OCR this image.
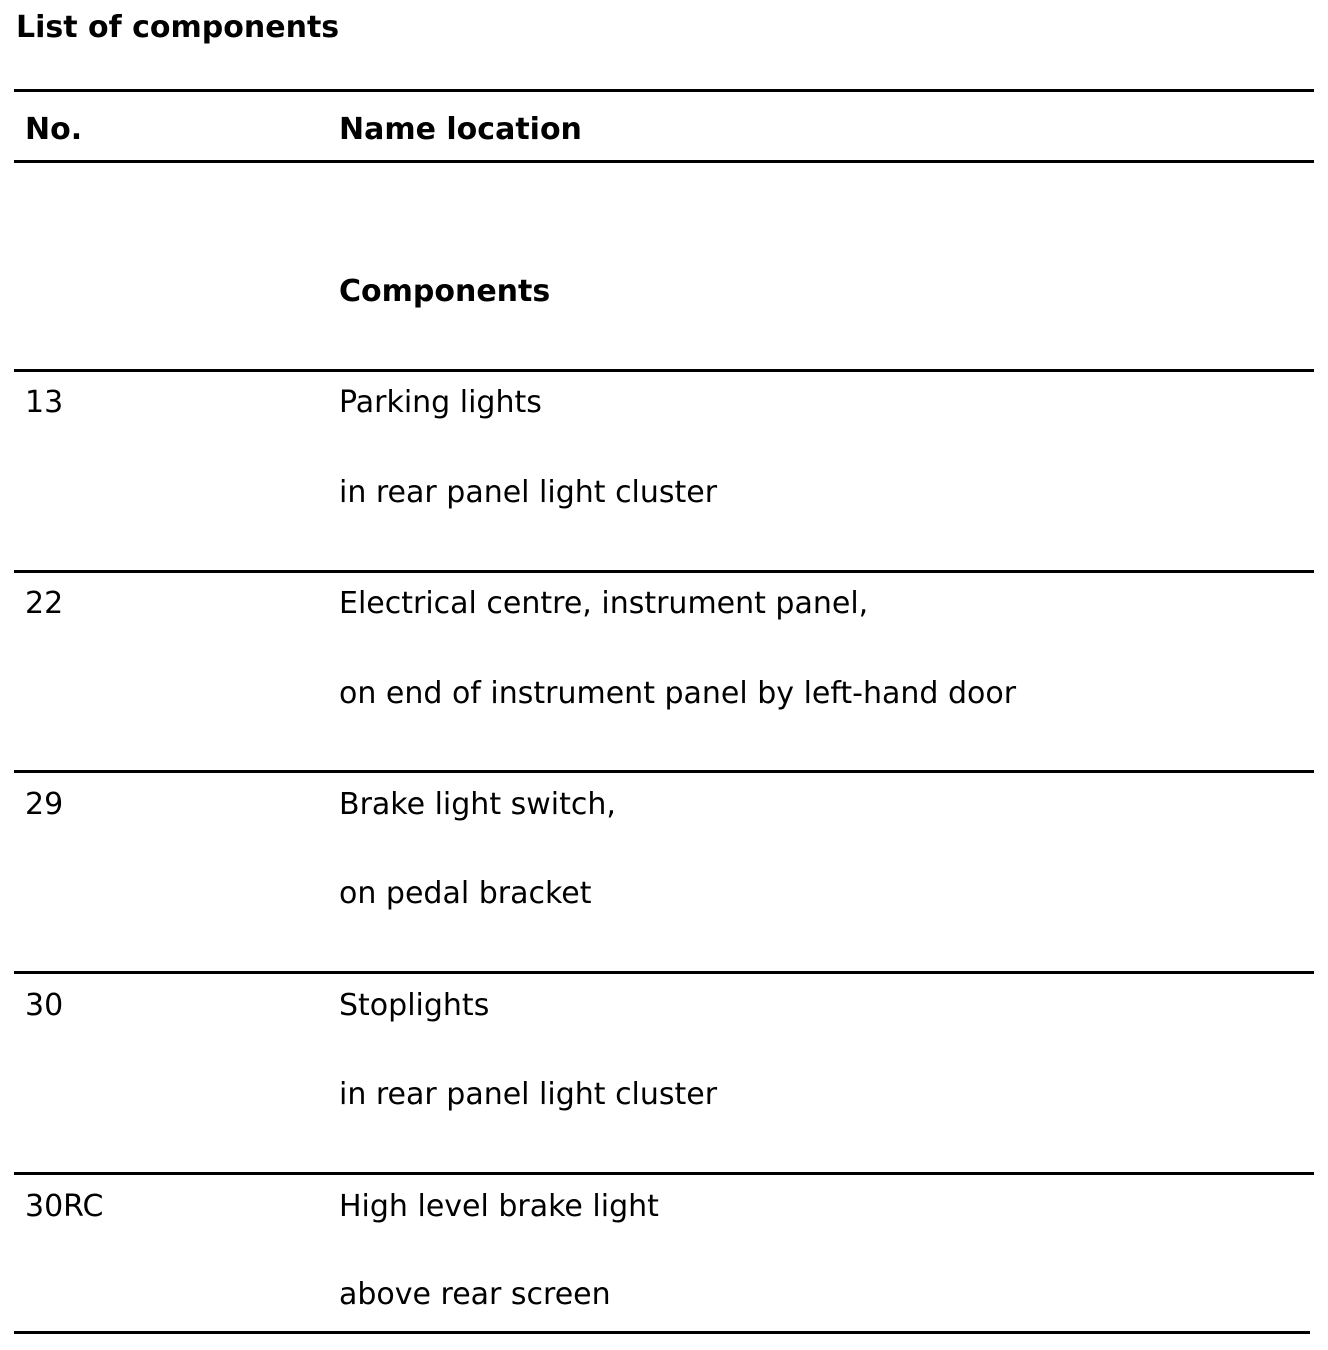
List of components
No.	Name location
Components
13	Parking lights
in rear panel light cluster
22	Electrical centre, instrument panel,
on end of instrument panel by left-hand door
29	Brake light switch,
on pedal bracket
30	Stoplights
in rear panel light cluster
30RC	High level brake light
above rear screen
